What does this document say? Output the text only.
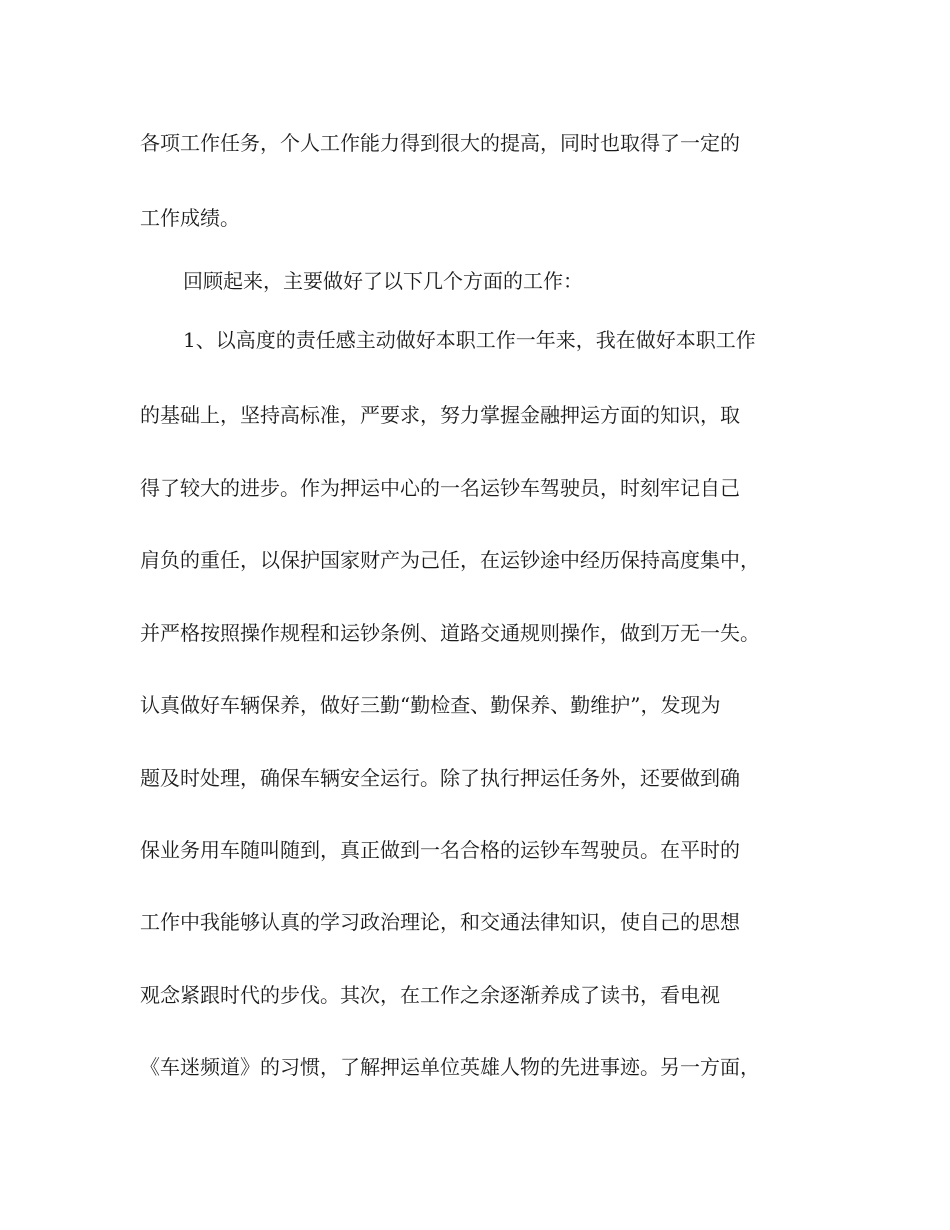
各项工作任务，个人工作能力得到很大的提高，同时也取得了一定的
工作成绩。
回顾起来，主要做好了以下几个方面的工作：
1、以高度的责任感主动做好本职工作一年来，我在做好本职工作
的基础上，坚持高标准，严要求，努力掌握金融押运方面的知识，取
得了较大的进步。作为押运中心的一名运钞车驾驶员，时刻牢记自己
肩负的重任，以保护国家财产为己任，在运钞途中经历保持高度集中，
并严格按照操作规程和运钞条例、道路交通规则操作，做到万无一失。
认真做好车辆保养，做好三勤“勤检查、勤保养、勤维护”，发现为
题及时处理，确保车辆安全运行。除了执行押运任务外，还要做到确
保业务用车随叫随到，真正做到一名合格的运钞车驾驶员。在平时的
工作中我能够认真的学习政治理论，和交通法律知识，使自己的思想
观念紧跟时代的步伐。其次，在工作之余逐渐养成了读书，看电视
《车迷频道》的习惯，了解押运单位英雄人物的先进事迹。另一方面，
